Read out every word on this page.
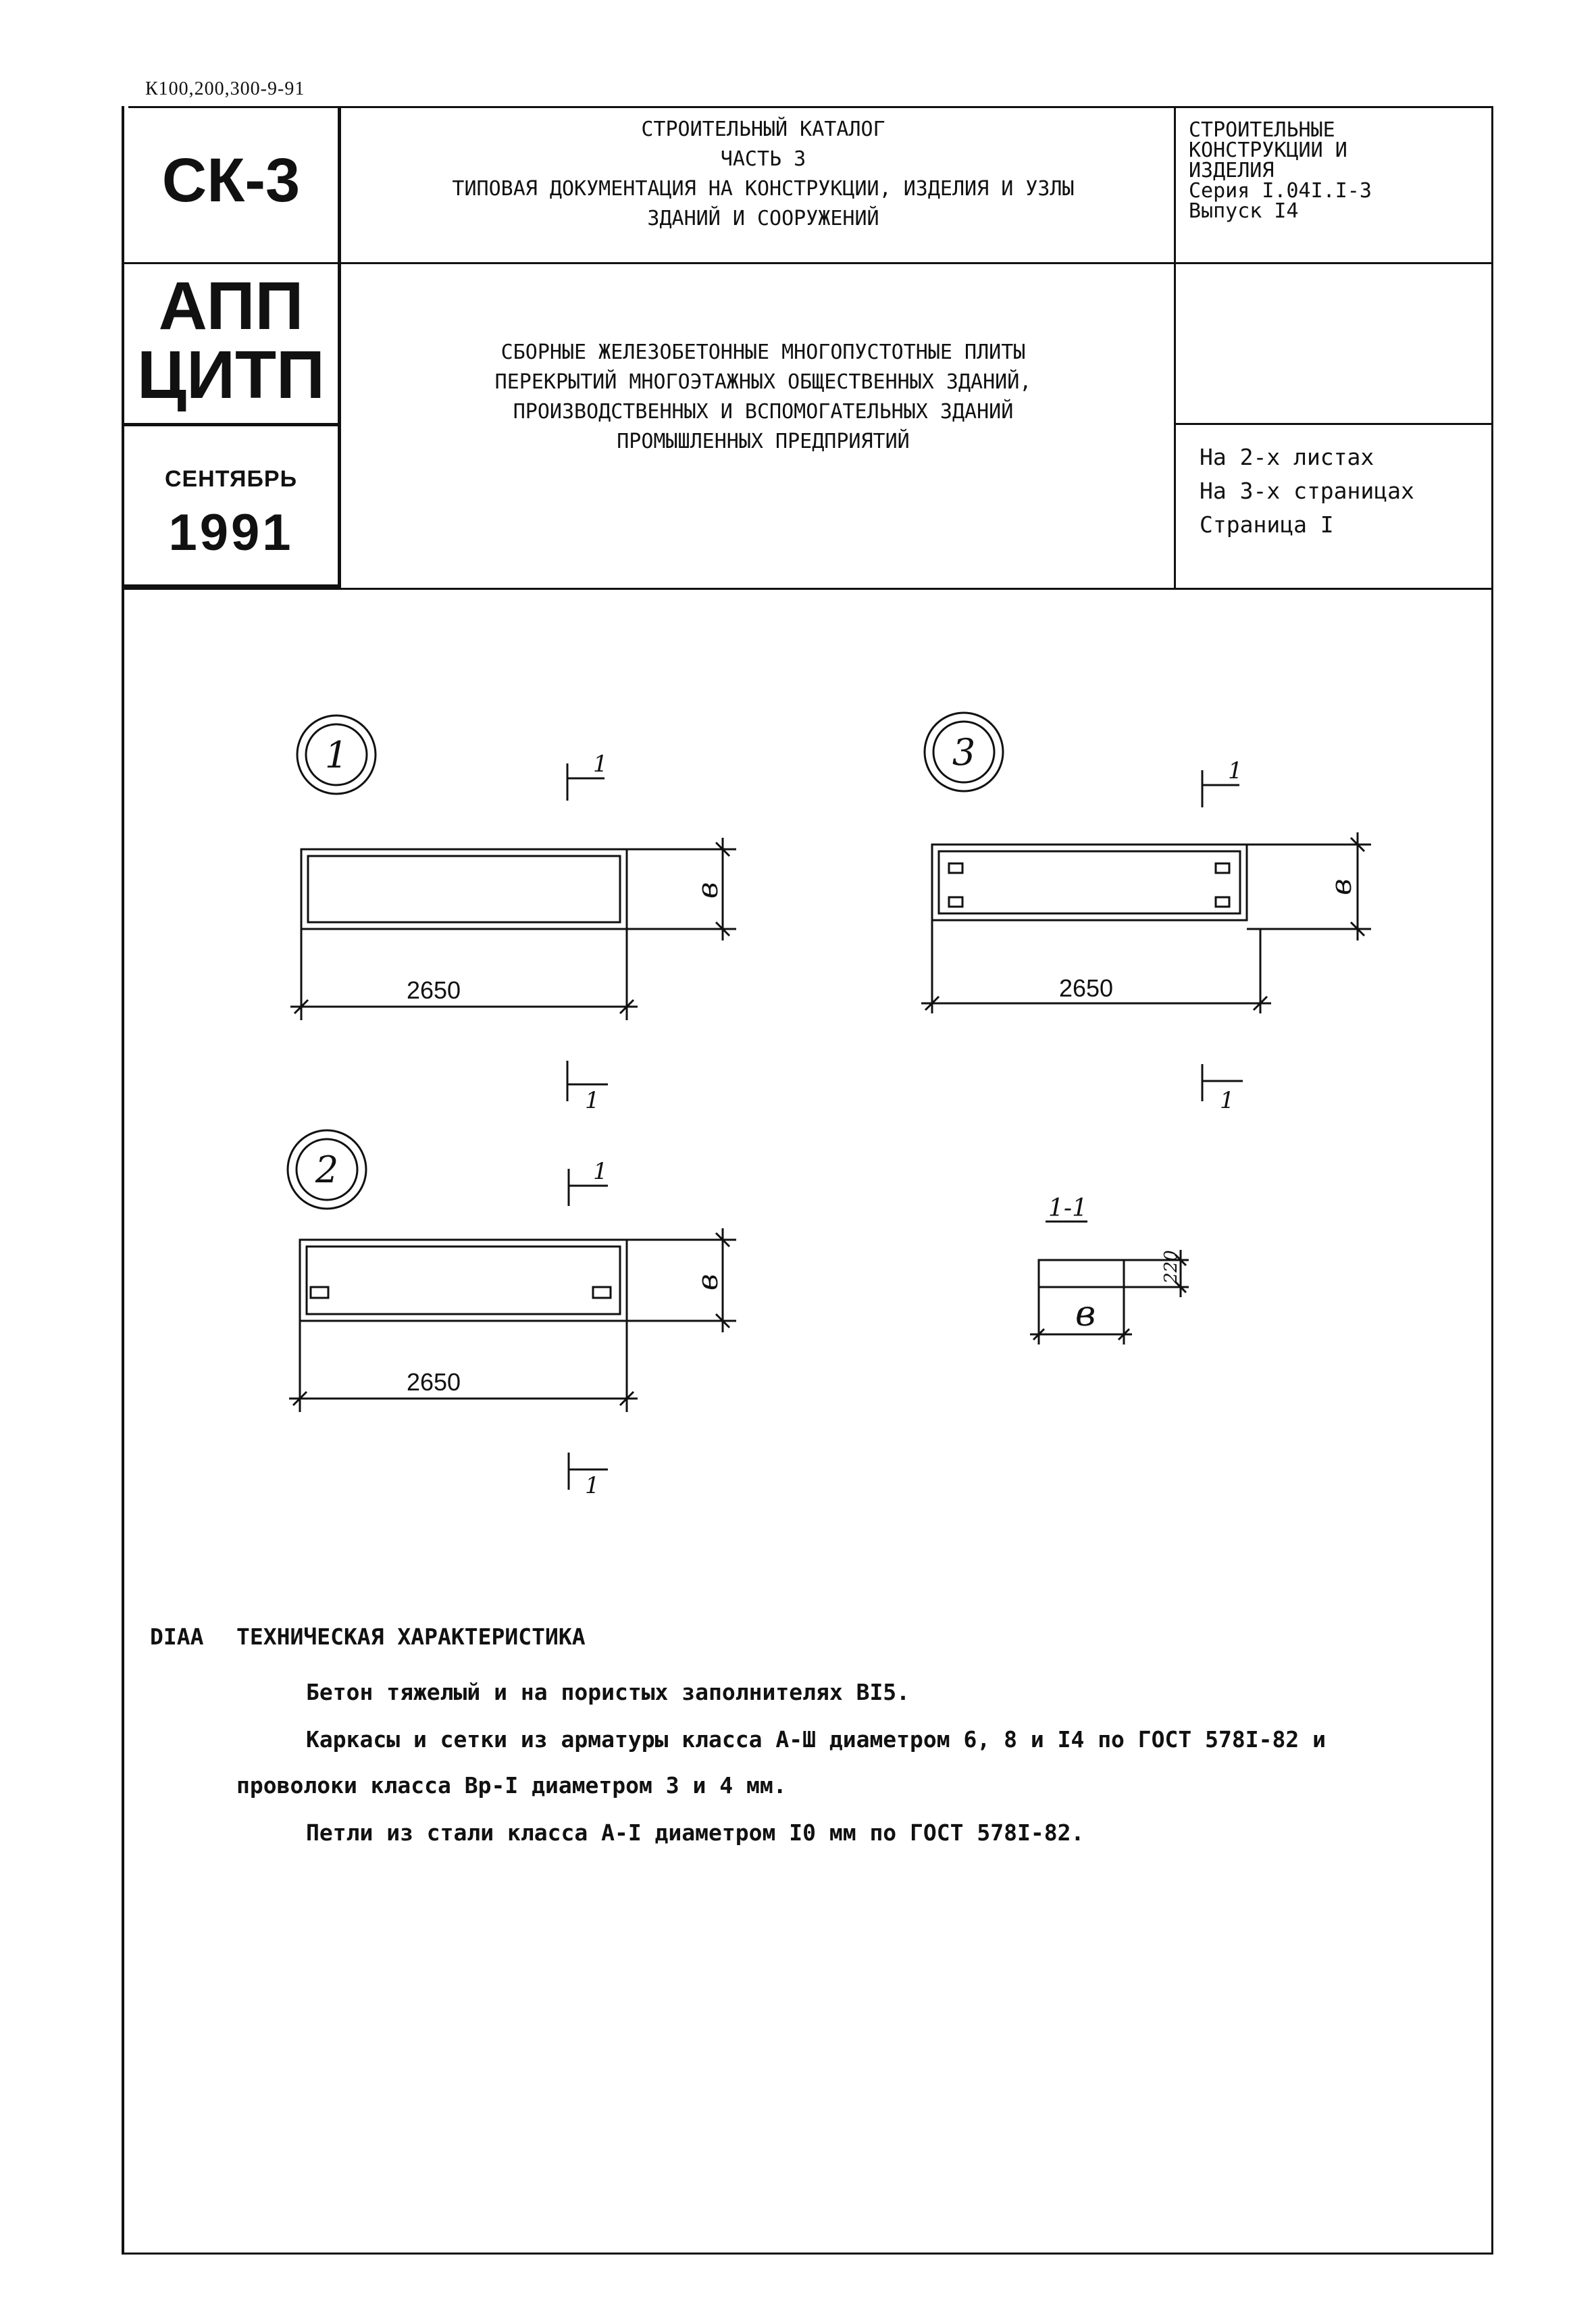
К100,200,300-9-91
СК-3
АПП
ЦИТП
СЕНТЯБРЬ
1991
СТРОИТЕЛЬНЫЙ КАТАЛОГ
ЧАСТЬ 3
ТИПОВАЯ ДОКУМЕНТАЦИЯ НА КОНСТРУКЦИИ, ИЗДЕЛИЯ И УЗЛЫ
ЗДАНИЙ И СООРУЖЕНИЙ
СТРОИТЕЛЬНЫЕ
КОНСТРУКЦИИ И
ИЗДЕЛИЯ
Серия I.04I.I-3
Выпуск I4
СБОРНЫЕ ЖЕЛЕЗОБЕТОННЫЕ МНОГОПУСТОТНЫЕ ПЛИТЫ
ПЕРЕКРЫТИЙ МНОГОЭТАЖНЫХ ОБЩЕСТВЕННЫХ ЗДАНИЙ,
ПРОИЗВОДСТВЕННЫХ И ВСПОМОГАТЕЛЬНЫХ ЗДАНИЙ
ПРОМЫШЛЕННЫХ ПРЕДПРИЯТИЙ
На 2-х листах
На 3-х страницах
Страница I
1	3
2
1
1
1
1
1
1
1-1
в
220
в	в
в
2650	2650
2650
DIAA ТЕХНИЧЕСКАЯ ХАРАКТЕРИСТИКА
Бетон тяжелый и на пористых заполнителях BI5.
Каркасы и сетки из арматуры класса А-Ш диаметром 6, 8 и I4 по ГОСТ 578I-82 и
проволоки класса Вр-I диаметром 3 и 4 мм.
Петли из стали класса А-I диаметром I0 мм по ГОСТ 578I-82.
